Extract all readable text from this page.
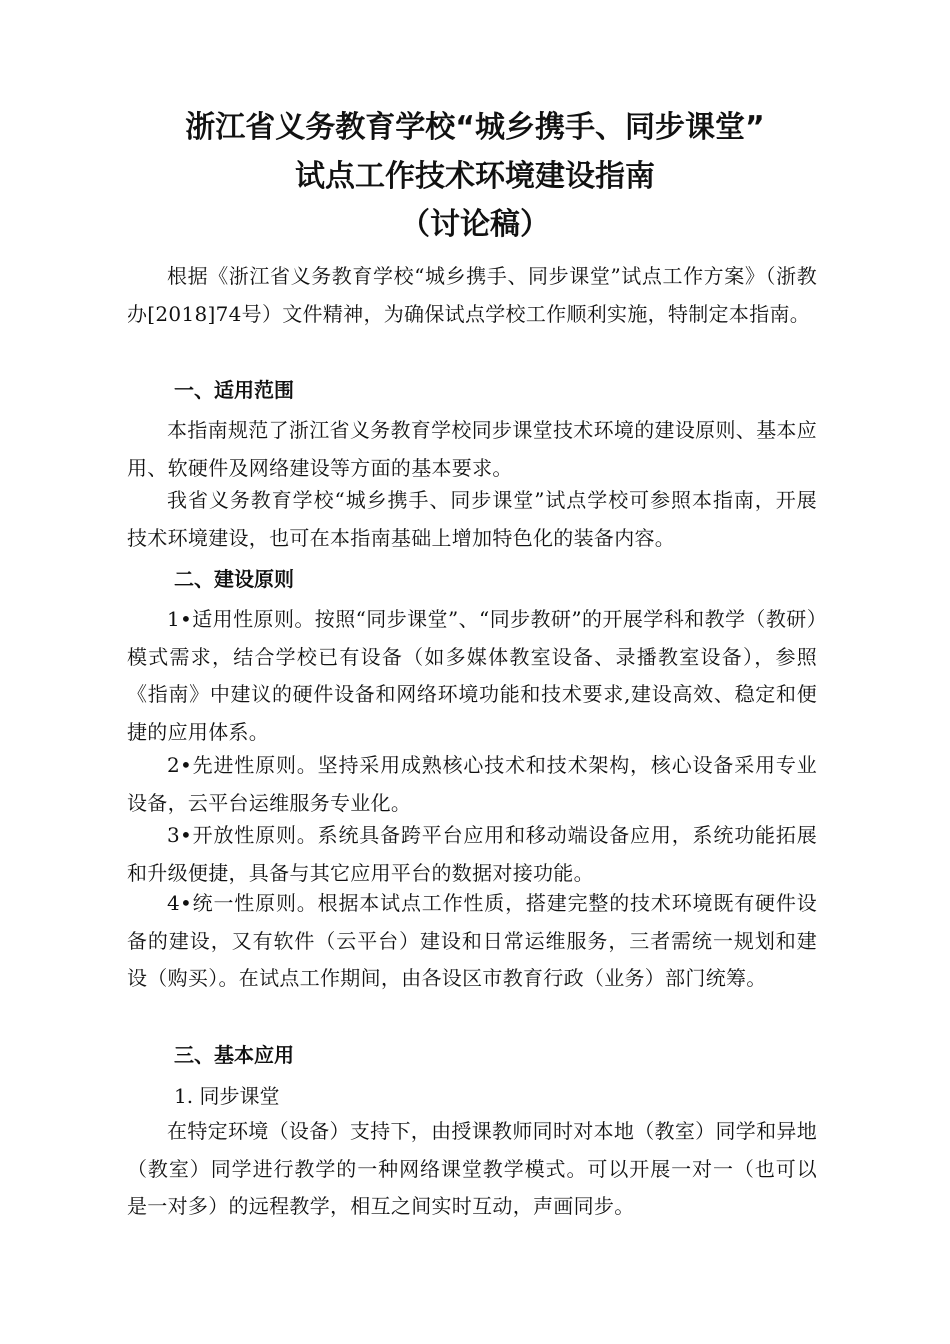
浙江省义务教育学校“城乡携手、同步课堂”
试点工作技术环境建设指南
（讨论稿）

根据《浙江省义务教育学校“城乡携手、同步课堂”试点工作方案》（浙教办[2018]74号）文件精神，为确保试点学校工作顺利实施，特制定本指南。

一、适用范围

本指南规范了浙江省义务教育学校同步课堂技术环境的建设原则、基本应用、软硬件及网络建设等方面的基本要求。

我省义务教育学校“城乡携手、同步课堂”试点学校可参照本指南，开展技术环境建设，也可在本指南基础上增加特色化的装备内容。

二、建设原则

1•适用性原则。按照“同步课堂”、“同步教研”的开展学科和教学（教研）模式需求，结合学校已有设备（如多媒体教室设备、录播教室设备），参照《指南》中建议的硬件设备和网络环境功能和技术要求,建设高效、稳定和便捷的应用体系。

2•先进性原则。坚持采用成熟核心技术和技术架构，核心设备采用专业设备，云平台运维服务专业化。

3•开放性原则。系统具备跨平台应用和移动端设备应用，系统功能拓展和升级便捷，具备与其它应用平台的数据对接功能。

4•统一性原则。根据本试点工作性质，搭建完整的技术环境既有硬件设备的建设，又有软件（云平台）建设和日常运维服务，三者需统一规划和建设（购买）。在试点工作期间，由各设区市教育行政（业务）部门统筹。

三、基本应用

1. 同步课堂

在特定环境（设备）支持下，由授课教师同时对本地（教室）同学和异地（教室）同学进行教学的一种网络课堂教学模式。可以开展一对一（也可以是一对多）的远程教学，相互之间实时互动，声画同步。
